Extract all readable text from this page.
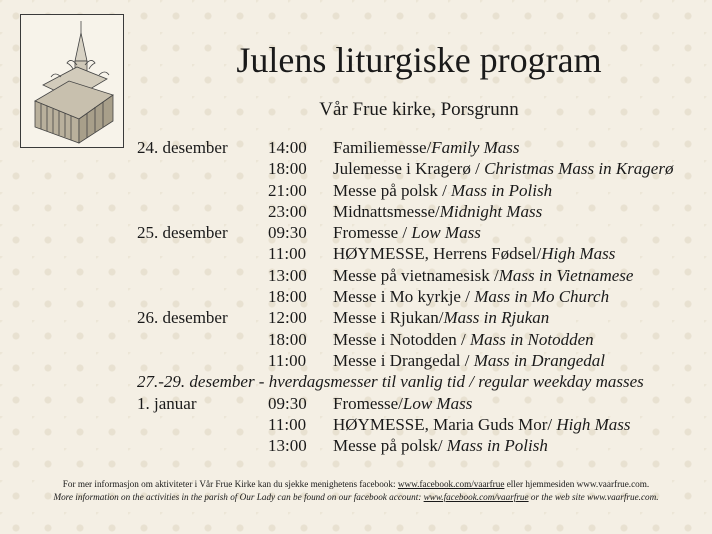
Julens liturgiske program
Vår Frue kirke, Porsgrunn
24. desember 14:00 Familiemesse/Family Mass
18:00 Julemesse i Kragerø / Christmas Mass in Kragerø
21:00 Messe på polsk / Mass in Polish
23:00 Midnattsmesse/Midnight Mass
25. desember 09:30 Fromesse / Low Mass
11:00 HØYMESSE, Herrens Fødsel/High Mass
13:00 Messe på vietnamesisk /Mass in Vietnamese
18:00 Messe i Mo kyrkje / Mass in Mo Church
26. desember 12:00 Messe i Rjukan/Mass in Rjukan
18:00 Messe i Notodden / Mass in Notodden
11:00 Messe i Drangedal / Mass in Drangedal
27.-29. desember - hverdagsmesser til vanlig tid / regular weekday masses
1. januar	09:30 Fromesse/Low Mass
11:00 HØYMESSE, Maria Guds Mor/ High Mass
13:00 Messe på polsk/ Mass in Polish
For mer informasjon om aktiviteter i Vår Frue Kirke kan du sjekke menighetens facebook: www.facebook.com/vaarfrue eller hjemmesiden www.vaarfrue.com.
More information on the activities in the parish of Our Lady can be found on our facebook account: www.facebook.com/vaarfrue or the web site www.vaarfrue.com.
